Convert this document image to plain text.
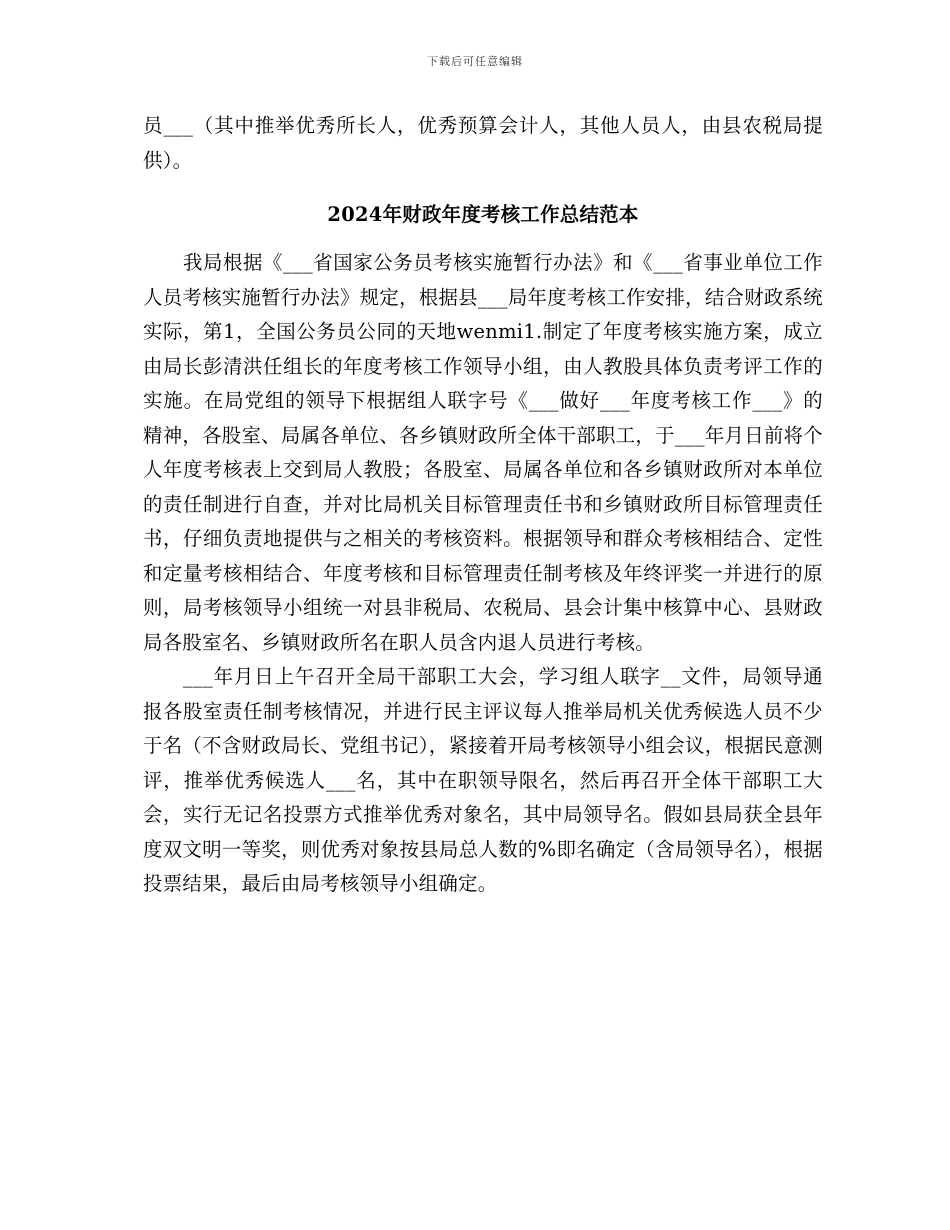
下载后可任意编辑

员___（其中推举优秀所长人，优秀预算会计人，其他人员人，由县农税局提供）。

2024年财政年度考核工作总结范本

我局根据《___省国家公务员考核实施暂行办法》和《___省事业单位工作人员考核实施暂行办法》规定，根据县___局年度考核工作安排，结合财政系统实际，第1，全国公务员公同的天地wenmi1.制定了年度考核实施方案，成立由局长彭清洪任组长的年度考核工作领导小组，由人教股具体负责考评工作的实施。在局党组的领导下根据组人联字号《___做好___年度考核工作___》的精神，各股室、局属各单位、各乡镇财政所全体干部职工，于___年月日前将个人年度考核表上交到局人教股；各股室、局属各单位和各乡镇财政所对本单位的责任制进行自查，并对比局机关目标管理责任书和乡镇财政所目标管理责任书，仔细负责地提供与之相关的考核资料。根据领导和群众考核相结合、定性和定量考核相结合、年度考核和目标管理责任制考核及年终评奖一并进行的原则，局考核领导小组统一对县非税局、农税局、县会计集中核算中心、县财政局各股室名、乡镇财政所名在职人员含内退人员进行考核。

___年月日上午召开全局干部职工大会，学习组人联字__文件，局领导通报各股室责任制考核情况，并进行民主评议每人推举局机关优秀候选人员不少于名（不含财政局长、党组书记），紧接着开局考核领导小组会议，根据民意测评，推举优秀候选人___名，其中在职领导限名，然后再召开全体干部职工大会，实行无记名投票方式推举优秀对象名，其中局领导名。假如县局获全县年度双文明一等奖，则优秀对象按县局总人数的%即名确定（含局领导名），根据投票结果，最后由局考核领导小组确定。
